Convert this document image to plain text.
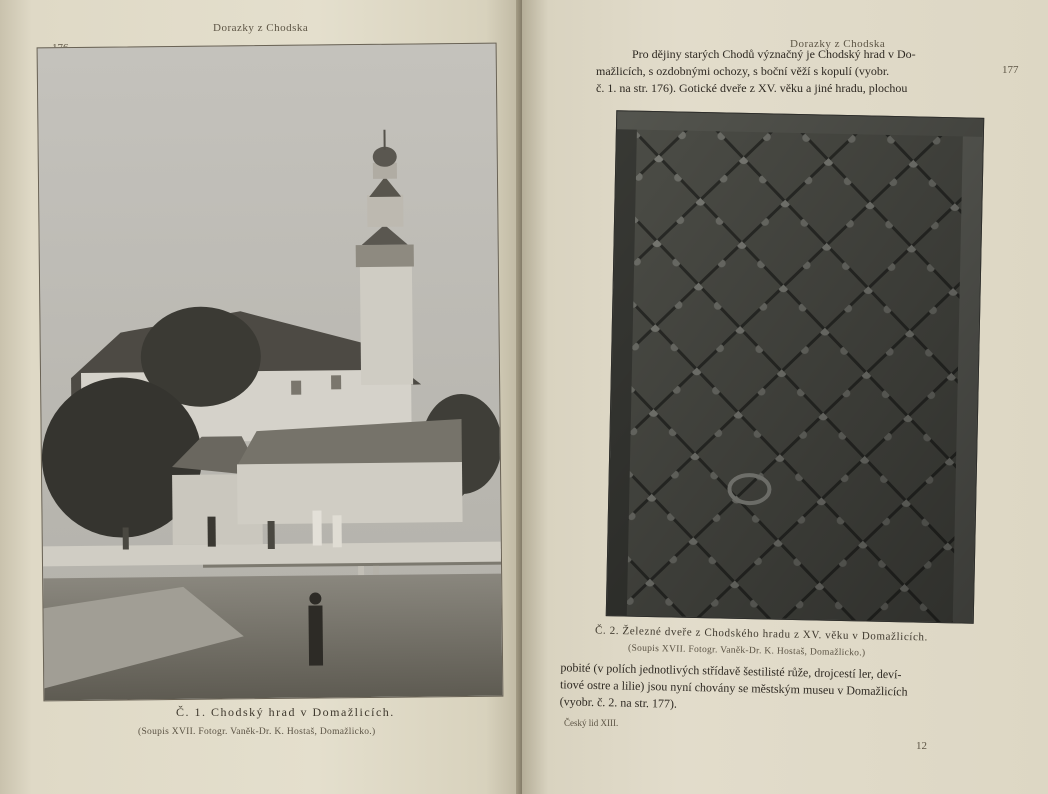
Dorazky z Chodska
Č. 1. Chodský hrad v Domažlicích.
(Soupis XVII. Fotogr. Vaněk-Dr. K. Hostaš, Domažlicko.)
Dorazky z Chodska
177
Pro dějiny starých Chodů význačný je Chodský hrad v Do-
mažlicích, s ozdobnými ochozy, s boční věží s kopulí (vyobr.
č. 1. na str. 176). Gotické dveře z XV. věku a jiné hradu, plochou
Č. 2. Železné dveře z Chodského hradu z XV. věku v Domažlicích.
(Soupis XVII. Fotogr. Vaněk-Dr. K. Hostaš, Domažlicko.)
pobité (v polích jednotlivých střídavě šestilisté růže, drojcestí ler, deví-
tiové ostre a lilie) jsou nyní chovány se městským museu v Domažlicích
(vyobr. č. 2. na str. 177).
Český lid XIII.
12
